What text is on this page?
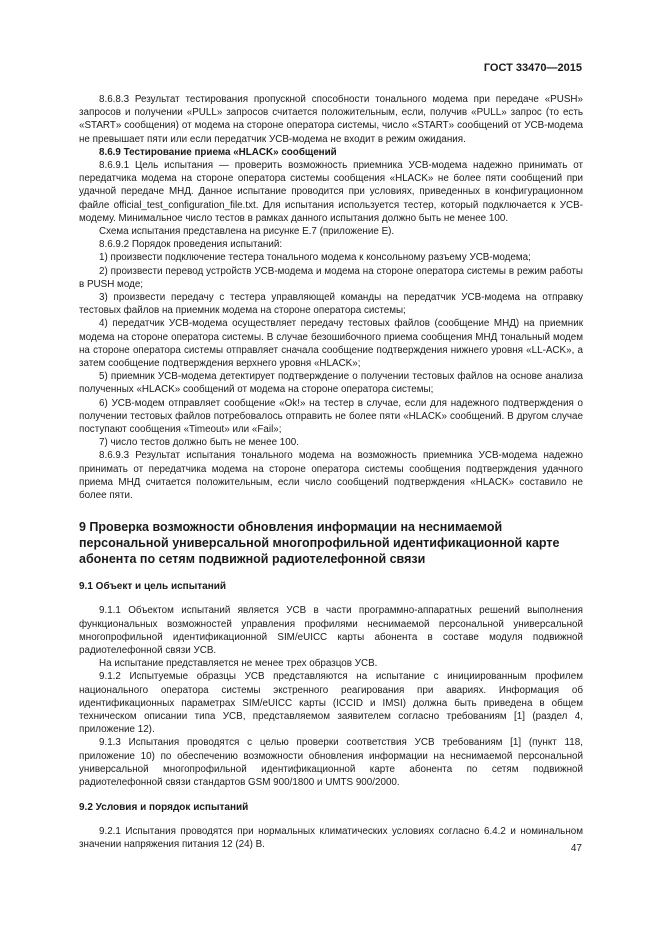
ГОСТ 33470—2015

8.6.8.3 Результат тестирования пропускной способности тонального модема при передаче «PUSH» запросов и получении «PULL» запросов считается положительным, если, получив «PULL» запрос (то есть «START» сообщения) от модема на стороне оператора системы, число «START» сообщений от УСВ-модема не превышает пяти или если передатчик УСВ-модема не входит в режим ожидания.

8.6.9 Тестирование приема «HLACK» сообщений

8.6.9.1 Цель испытания — проверить возможность приемника УСВ-модема надежно принимать от передатчика модема на стороне оператора системы сообщения «HLACK» не более пяти сообщений при удачной передаче МНД. Данное испытание проводится при условиях, приведенных в конфигурационном файле official_test_configuration_file.txt. Для испытания используется тестер, который подключается к УСВ-модему. Минимальное число тестов в рамках данного испытания должно быть не менее 100.

Схема испытания представлена на рисунке Е.7 (приложение Е).

8.6.9.2 Порядок проведения испытаний:

1) произвести подключение тестера тонального модема к консольному разъему УСВ-модема;

2) произвести перевод устройств УСВ-модема и модема на стороне оператора системы в режим работы в PUSH моде;

3) произвести передачу с тестера управляющей команды на передатчик УСВ-модема на отправку тестовых файлов на приемник модема на стороне оператора системы;

4) передатчик УСВ-модема осуществляет передачу тестовых файлов (сообщение МНД) на приемник модема на стороне оператора системы. В случае безошибочного приема сообщения МНД тональный модем на стороне оператора системы отправляет сначала сообщение подтверждения нижнего уровня «LL-ACK», а затем сообщение подтверждения верхнего уровня «HLACK»;

5) приемник УСВ-модема детектирует подтверждение о получении тестовых файлов на основе анализа полученных «HLACK» сообщений от модема на стороне оператора системы;

6) УСВ-модем отправляет сообщение «Ok!» на тестер в случае, если для надежного подтверждения о получении тестовых файлов потребовалось отправить не более пяти «HLACK» сообщений. В другом случае поступают сообщения «Timeout» или «Fail»;

7) число тестов должно быть не менее 100.

8.6.9.3 Результат испытания тонального модема на возможность приемника УСВ-модема надежно принимать от передатчика модема на стороне оператора системы сообщения подтверждения удачного приема МНД считается положительным, если число сообщений подтверждения «HLACK» составило не более пяти.

9 Проверка возможности обновления информации на неснимаемой персональной универсальной многопрофильной идентификационной карте абонента по сетям подвижной радиотелефонной связи
9.1 Объект и цель испытаний

9.1.1 Объектом испытаний является УСВ в части программно-аппаратных решений выполнения функциональных возможностей управления профилями неснимаемой персональной универсальной многопрофильной идентификационной SIM/eUICC карты абонента в составе модуля подвижной радиотелефонной связи УСВ.

На испытание представляется не менее трех образцов УСВ.

9.1.2 Испытуемые образцы УСВ представляются на испытание с инициированным профилем национального оператора системы экстренного реагирования при авариях. Информация об идентификационных параметрах SIM/eUICC карты (ICCID и IMSI) должна быть приведена в общем техническом описании типа УСВ, представляемом заявителем согласно требованиям [1] (раздел 4, приложение 12).

9.1.3 Испытания проводятся с целью проверки соответствия УСВ требованиям [1] (пункт 118, приложение 10) по обеспечению возможности обновления информации на неснимаемой персональной универсальной многопрофильной идентификационной карте абонента по сетям подвижной радиотелефонной связи стандартов GSM 900/1800 и UMTS 900/2000.

9.2 Условия и порядок испытаний

9.2.1 Испытания проводятся при нормальных климатических условиях согласно 6.4.2 и номинальном значении напряжения питания 12 (24) В.	47
